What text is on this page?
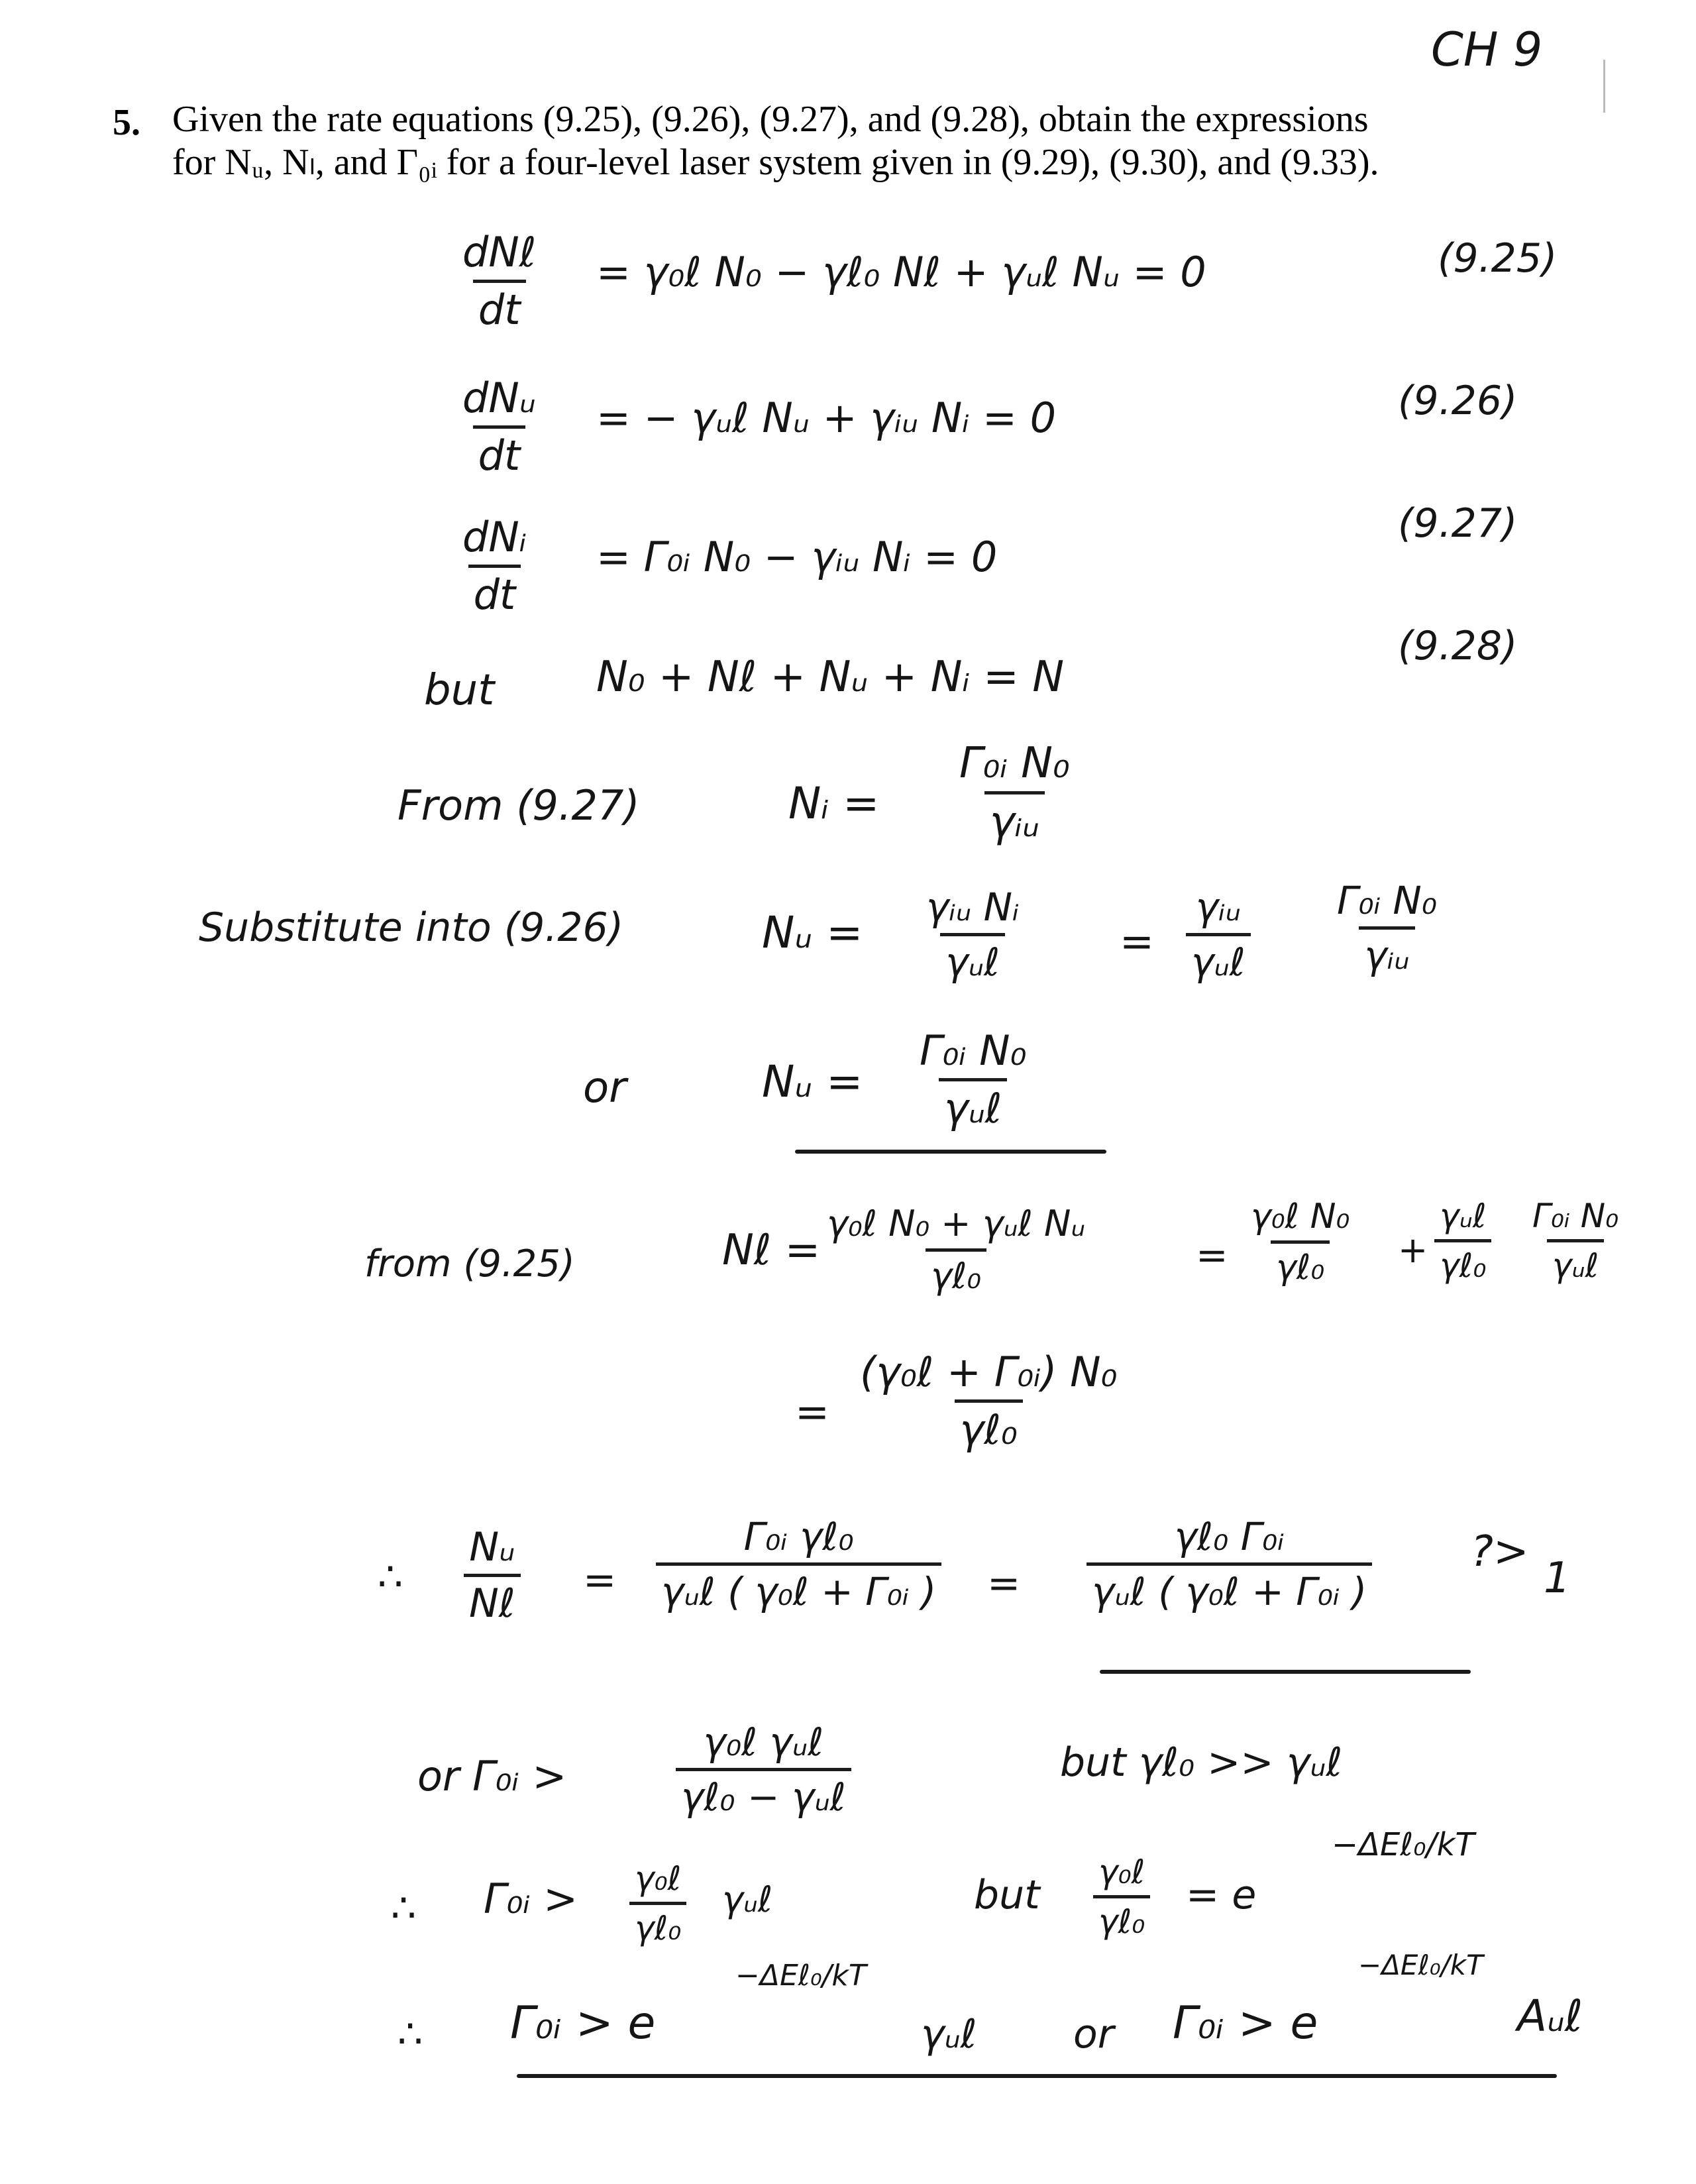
CH 9
5. Given the rate equations (9.25), (9.26), (9.27), and (9.28), obtain the expressions
for Nᵤ, Nₗ, and Γ₀ᵢ for a four-level laser system given in (9.29), (9.30), and (9.33).
dNℓ
dt
= γ₀ℓ N₀ − γℓ₀ Nℓ + γᵤℓ Nᵤ = 0	(9.25)
dNᵤ
dt
= − γᵤℓ Nᵤ + γᵢᵤ Nᵢ = 0	(9.26)
dNᵢ
dt
= Γ₀ᵢ N₀ − γᵢᵤ Nᵢ = 0
(9.27)
but N₀ + Nℓ + Nᵤ + Nᵢ = N
(9.28)
From (9.27)	Nᵢ =
Γ₀ᵢ N₀
γᵢᵤ
Substitute into (9.26)	Nᵤ = γᵢᵤ Nᵢ
γᵤℓ	=
γᵢᵤ
γᵤℓ
Γ₀ᵢ N₀
γᵢᵤ
or	Nᵤ =
Γ₀ᵢ N₀
γᵤℓ
from (9.25)	Nℓ =
γ₀ℓ N₀ + γᵤℓ Nᵤ
γℓ₀	=
γ₀ℓ N₀
γℓ₀ +
γᵤℓ
γℓ₀
Γ₀ᵢ N₀
γᵤℓ
=
(γ₀ℓ + Γ₀ᵢ) N₀
γℓ₀
∴
Nᵤ
Nℓ =
Γ₀ᵢ γℓ₀
γᵤℓ ( γ₀ℓ + Γ₀ᵢ ) =
γℓ₀ Γ₀ᵢ
γᵤℓ ( γ₀ℓ + Γ₀ᵢ )
?>
1
or Γ₀ᵢ >
γ₀ℓ γᵤℓ
γℓ₀ − γᵤℓ
but γℓ₀ >> γᵤℓ
∴ Γ₀ᵢ > γ₀ℓ
γℓ₀
γᵤℓ	but γ₀ℓ
γℓ₀
= e
−ΔEℓ₀/kT
∴ Γ₀ᵢ > e
−ΔEℓ₀/kT
γᵤℓ or Γ₀ᵢ > e
−ΔEℓ₀/kT
Aᵤℓ
